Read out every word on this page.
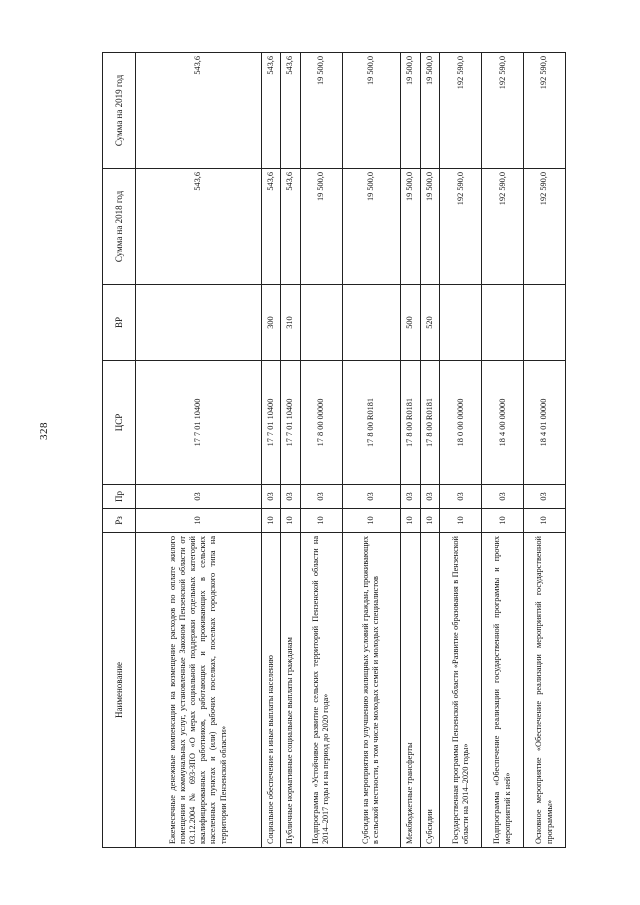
328
Наименование	Рз	Пр	ЦСР	ВР	Сумма на 2018 год	Сумма на 2019 год
Ежемесячные денежные компенсации на возмещение расходов по оплате жилого помещения и коммунальных услуг, установленные Законом Пензенской области от 03.12.2004 № 693-ЗПО «О мерах социальной поддержки отдельных категорий квалифицированных работников, работающих и проживающих в сельских населенных пунктах и (или) рабочих поселках, поселках городского типа на территории Пензенской области»	10	03	17 7 01 10400		543,6	543,6
Социальное обеспечение и иные выплаты населению	10	03	17 7 01 10400	300	543,6	543,6
Публичные нормативные социальные выплаты гражданам	10	03	17 7 01 10400	310	543,6	543,6
Подпрограмма «Устойчивое развитие сельских территорий Пензенской области на 2014–2017 годы и на период до 2020 года»	10	03	17 8 00 00000		19 500,0	19 500,0
Субсидии на мероприятия по улучшению жилищных условий граждан, проживающих в сельской местности, в том числе молодых семей и молодых специалистов	10	03	17 8 00 R0181		19 500,0	19 500,0
Межбюджетные трансферты	10	03	17 8 00 R0181	500	19 500,0	19 500,0
Субсидии	10	03	17 8 00 R0181	520	19 500,0	19 500,0
Государственная программа Пензенской области «Развитие образования в Пензенской области на 2014–2020 годы»	10	03	18 0 00 00000		192 590,0	192 590,0
Подпрограмма «Обеспечение реализации государственной программы и прочих мероприятий к ней»	10	03	18 4 00 00000		192 590,0	192 590,0
Основное мероприятие «Обеспечение реализации мероприятий государственной программы»	10	03	18 4 01 00000		192 590,0	192 590,0
